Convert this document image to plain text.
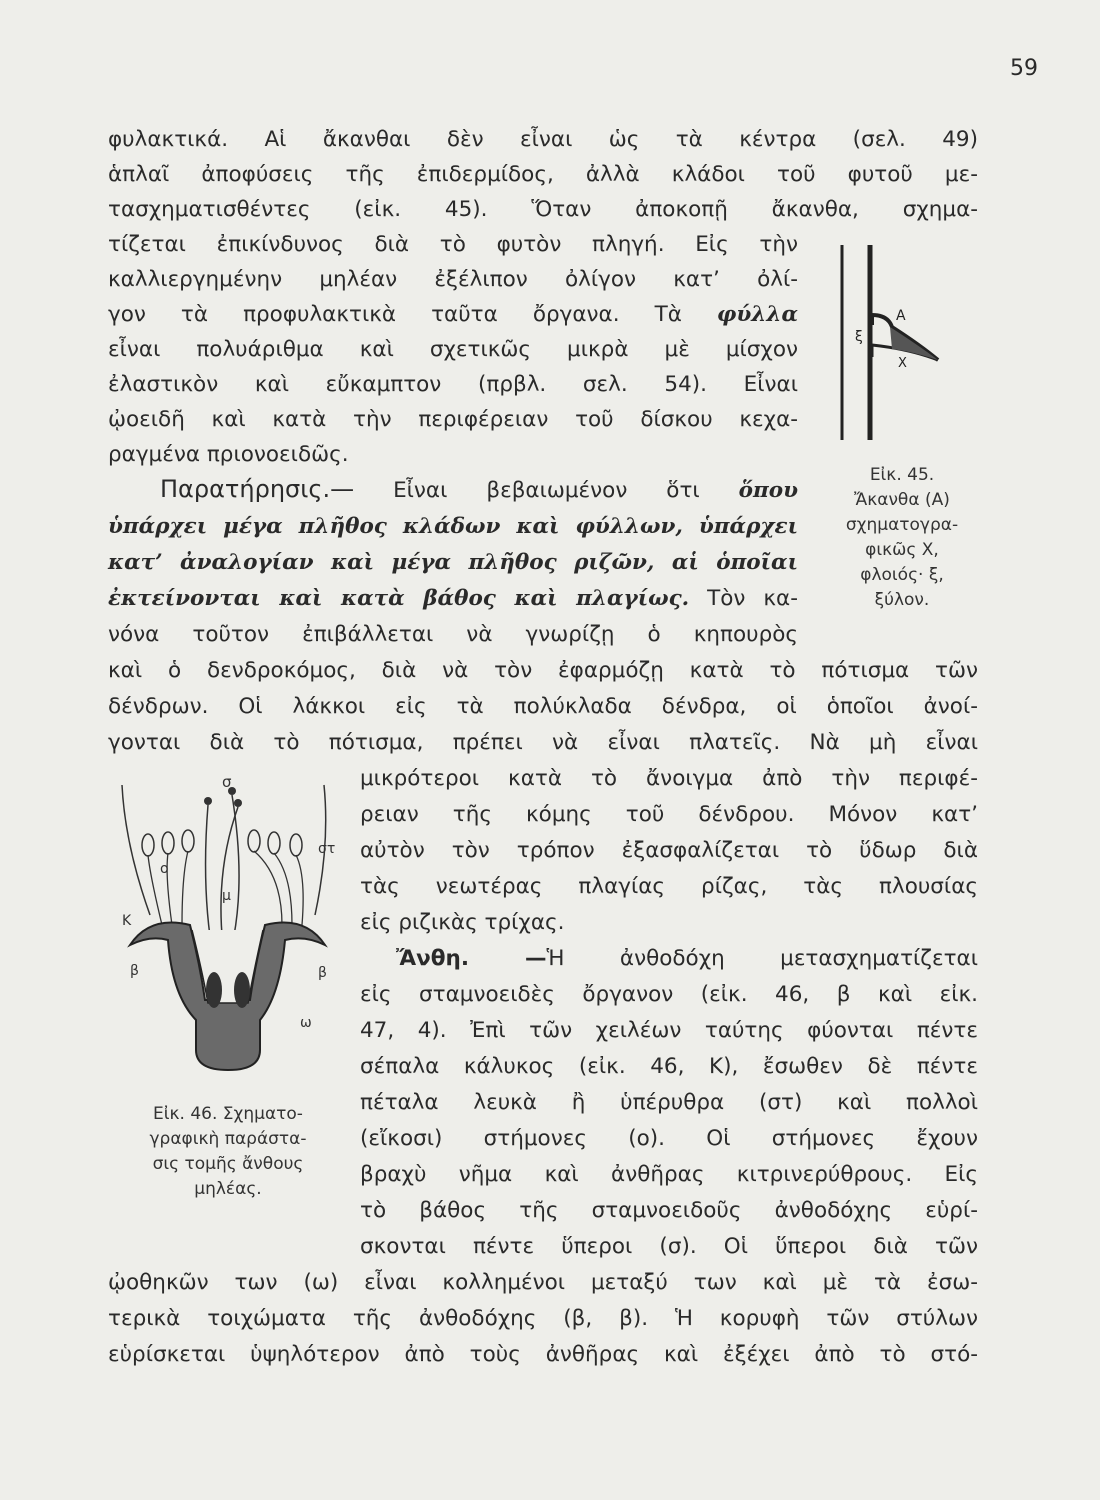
59
φυλακτικά. Αἱ ἄκανθαι δὲν εἶναι ὡς τὰ κέντρα (σελ. 49)
ἁπλαῖ ἀποφύσεις τῆς ἐπιδερμίδος, ἀλλὰ κλάδοι τοῦ φυτοῦ με-
τασχηματισθέντες (εἰκ. 45). Ὅταν ἀποκοπῇ ἄκανθα, σχημα-
τίζεται ἐπικίνδυνος διὰ τὸ φυτὸν πληγή. Εἰς τὴν
καλλιεργημένην μηλέαν ἐξέλιπον ὀλίγον κατ’ ὀλί-
γον τὰ προφυλακτικὰ ταῦτα ὄργανα. Τὰ φύλλα
εἶναι πολυάριθμα καὶ σχετικῶς μικρὰ μὲ μίσχον
ἐλαστικὸν καὶ εὔκαμπτον (πρβλ. σελ. 54). Εἶναι
ᾠοειδῆ καὶ κατὰ τὴν περιφέρειαν τοῦ δίσκου κεχα-
ραγμένα πριονοειδῶς.
Παρατήρησις.— Εἶναι βεβαιωμένον ὅτι ὅπου
ὑπάρχει μέγα πλῆθος κλάδων καὶ φύλλων, ὑπάρχει
κατ’ ἀναλογίαν καὶ μέγα πλῆθος ριζῶν, αἱ ὁποῖαι
ἐκτείνονται καὶ κατὰ βάθος καὶ πλαγίως. Τὸν κα-
νόνα τοῦτον ἐπιβάλλεται νὰ γνωρίζῃ ὁ κηπουρὸς
καὶ ὁ δενδροκόμος, διὰ νὰ τὸν ἐφαρμόζῃ κατὰ τὸ πότισμα τῶν
δένδρων. Οἱ λάκκοι εἰς τὰ πολύκλαδα δένδρα, οἱ ὁποῖοι ἀνοί-
γονται διὰ τὸ πότισμα, πρέπει νὰ εἶναι πλατεῖς. Νὰ μὴ εἶναι
μικρότεροι κατὰ τὸ ἄνοιγμα ἀπὸ τὴν περιφέ-
ρειαν τῆς κόμης τοῦ δένδρου. Μόνον κατ’
αὐτὸν τὸν τρόπον ἐξασφαλίζεται τὸ ὕδωρ διὰ
τὰς νεωτέρας πλαγίας ρίζας, τὰς πλουσίας
εἰς ριζικὰς τρίχας.
Ἄνθη. —Ἡ ἀνθοδόχη μετασχηματίζεται
εἰς σταμνοειδὲς ὄργανον (εἰκ. 46, β καὶ εἰκ.
47, 4). Ἐπὶ τῶν χειλέων ταύτης φύονται πέντε
σέπαλα κάλυκος (εἰκ. 46, Κ), ἔσωθεν δὲ πέντε
πέταλα λευκὰ ἢ ὑπέρυθρα (στ) καὶ πολλοὶ
(εἴκοσι) στήμονες (ο). Οἱ στήμονες ἔχουν
βραχὺ νῆμα καὶ ἀνθῆρας κιτρινερύθρους. Εἰς
τὸ βάθος τῆς σταμνοειδοῦς ἀνθοδόχης εὑρί-
σκονται πέντε ὕπεροι (σ). Οἱ ὕπεροι διὰ τῶν
ᾠοθηκῶν των (ω) εἶναι κολλημένοι μεταξύ των καὶ μὲ τὰ ἐσω-
τερικὰ τοιχώματα τῆς ἀνθοδόχης (β, β). Ἡ κορυφὴ τῶν στύλων
εὑρίσκεται ὑψηλότερον ἀπὸ τοὺς ἀνθῆρας καὶ ἐξέχει ἀπὸ τὸ στό-
Α
Χ
ξ
Εἰκ. 45.
Ἄκανθα (Α)
σχηματογρα-
φικῶς Χ,
φλοιός· ξ,
ξύλον.
σ
στ
ο
μ
Κ
β	β
ω
Εἰκ. 46. Σχηματο-
γραφικὴ παράστα-
σις τομῆς ἄνθους
μηλέας.
